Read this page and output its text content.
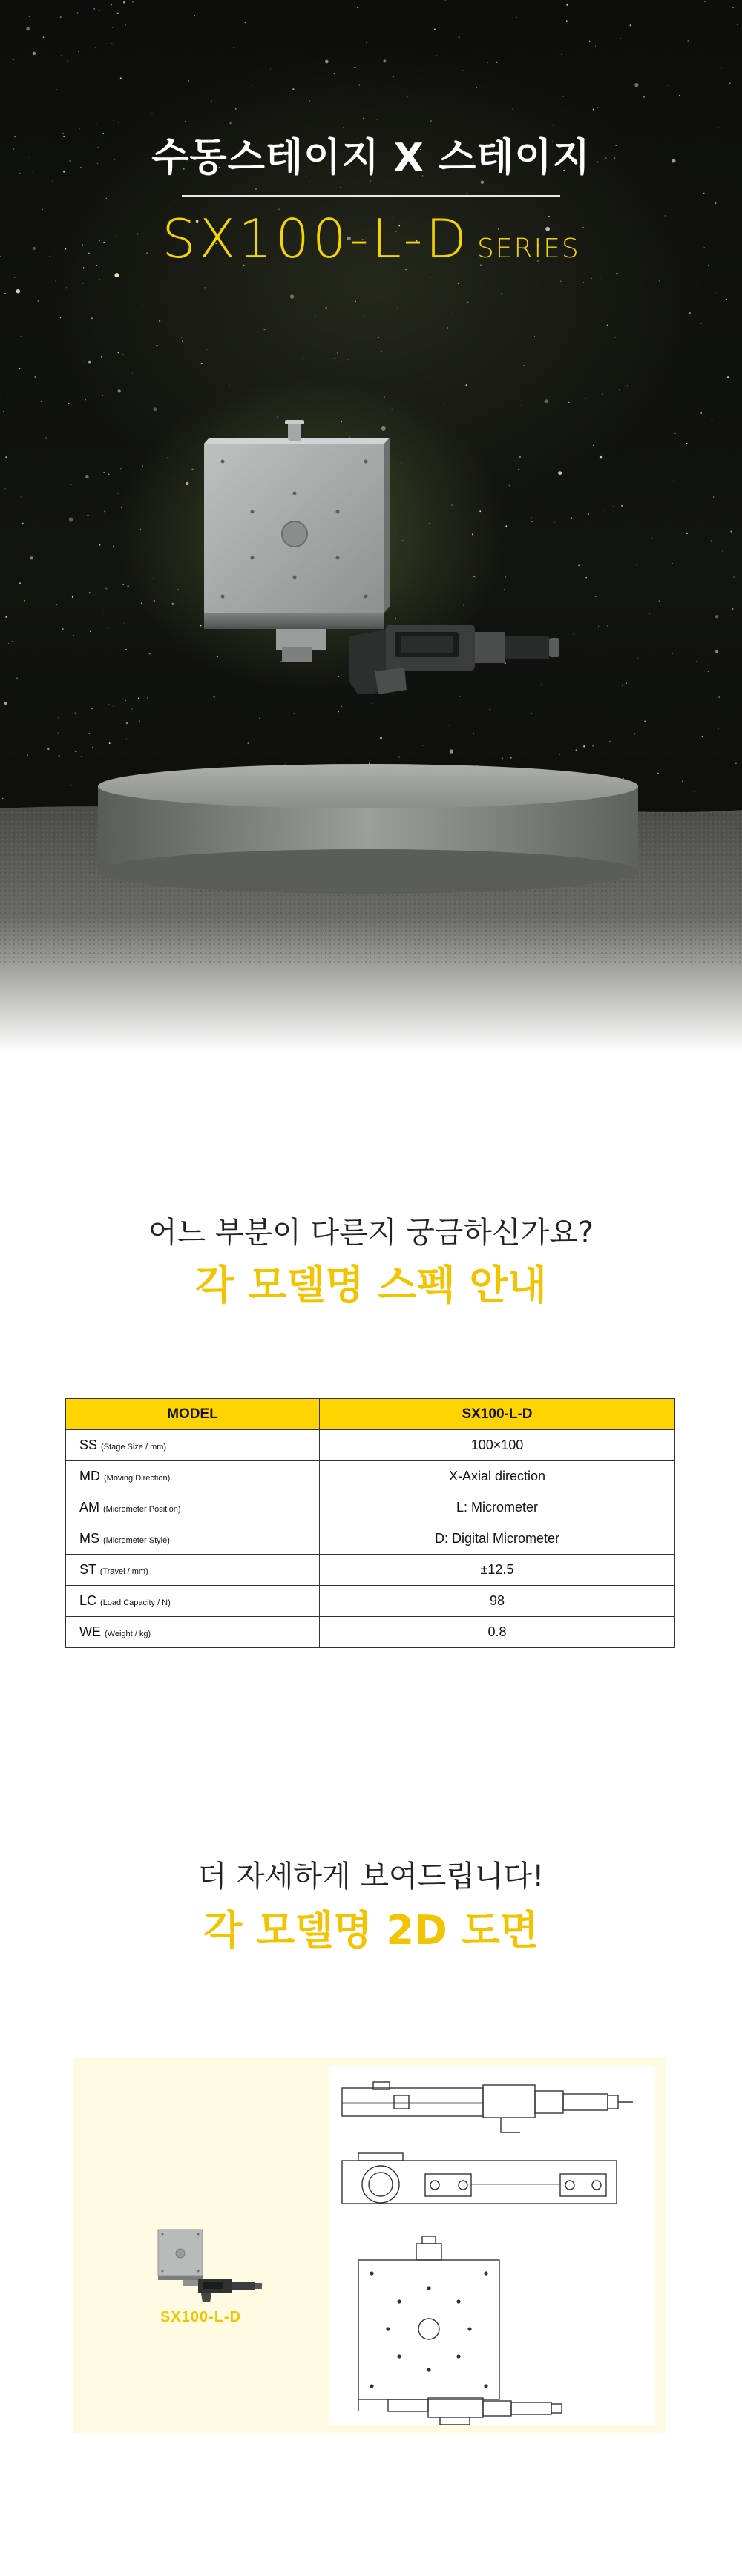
수동스테이지 X 스테이지
SX100-L-D SERIES
어느 부분이 다른지 궁금하신가요?
각 모델명 스펙 안내
MODEL	SX100-L-D
SS (Stage Size / mm)	100×100
MD (Moving Direction)	X-Axial direction
AM (Micrometer Position)	L: Micrometer
MS (Micrometer Style)	D: Digital Micrometer
ST (Travel / mm)	±12.5
LC (Load Capacity / N)	98
WE (Weight / kg)	0.8
더 자세하게 보여드립니다!
각 모델명 2D 도면
SX100-L-D
